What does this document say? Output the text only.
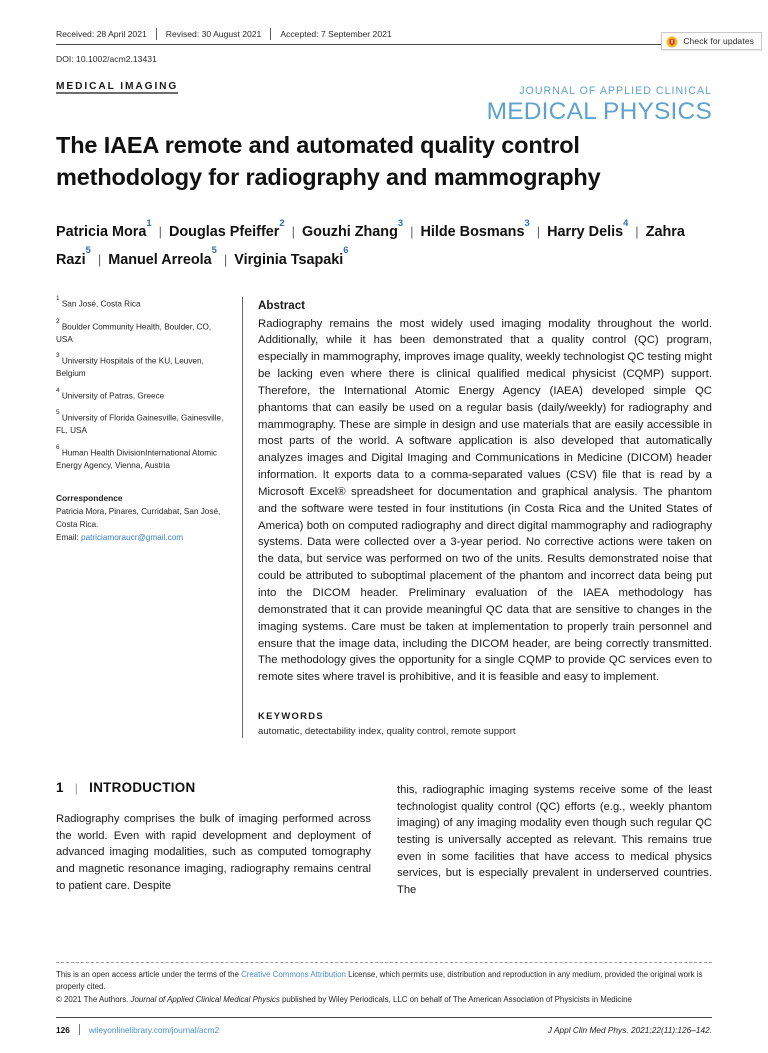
Check for updates
Received: 28 April 2021	Revised: 30 August 2021	Accepted: 7 September 2021
DOI: 10.1002/acm2.13431
JOURNAL OF APPLIED CLINICAL
MEDICAL PHYSICS
MEDICAL IMAGING
The IAEA remote and automated quality control methodology for radiography and mammography
Patricia Mora$^1$| Douglas Pfeiffer$^2$| Gouzhi Zhang$^3$| Hilde Bosmans$^3$| Harry Delis$^4$| Zahra Razi$^5$| Manuel Arreola$^5$| Virginia Tsapaki$^6$
$^1$ San José, Costa Rica
$^2$ Boulder Community Health, Boulder, CO, USA
$^3$ University Hospitals of the KU, Leuven, Belgium
$^4$ University of Patras, Greece
$^5$ University of Florida Gainesville, Gainesville, FL, USA
$^6$ Human Health DivisionInternational Atomic Energy Agency, Vienna, Austria
Correspondence
Patricia Mora, Pinares, Curridabat, San José, Costa Rica.
Email: patriciamoraucr@gmail.com
Abstract
Radiography remains the most widely used imaging modality throughout the world. Additionally, while it has been demonstrated that a quality control (QC) program, especially in mammography, improves image quality, weekly technologist QC testing might be lacking even where there is clinical qualified medical physicist (CQMP) support. Therefore, the International Atomic Energy Agency (IAEA) developed simple QC phantoms that can easily be used on a regular basis (daily/weekly) for radiography and mammography. These are simple in design and use materials that are easily accessible in most parts of the world. A software application is also developed that automatically analyzes images and Digital Imaging and Communications in Medicine (DICOM) header information. It exports data to a comma-separated values (CSV) file that is read by a Microsoft Excel® spreadsheet for documentation and graphical analysis. The phantom and the software were tested in four institutions (in Costa Rica and the United States of America) both on computed radiography and direct digital mammography and radiography systems. Data were collected over a 3-year period. No corrective actions were taken on the data, but service was performed on two of the units. Results demonstrated noise that could be attributed to suboptimal placement of the phantom and incorrect data being put into the DICOM header. Preliminary evaluation of the IAEA methodology has demonstrated that it can provide meaningful QC data that are sensitive to changes in the imaging systems. Care must be taken at implementation to properly train personnel and ensure that the image data, including the DICOM header, are being correctly transmitted. The methodology gives the opportunity for a single CQMP to provide QC services even to remote sites where travel is prohibitive, and it is feasible and easy to implement.
KEYWORDS
automatic, detectability index, quality control, remote support
1 | INTRODUCTION
Radiography comprises the bulk of imaging performed across the world. Even with rapid development and deployment of advanced imaging modalities, such as computed tomography and magnetic resonance imaging, radiography remains central to patient care. Despite
this, radiographic imaging systems receive some of the least technologist quality control (QC) efforts (e.g., weekly phantom imaging) of any imaging modality even though such regular QC testing is universally accepted as relevant. This remains true even in some facilities that have access to medical physics services, but is especially prevalent in underserved countries. The
This is an open access article under the terms of the Creative Commons Attribution License, which permits use, distribution and reproduction in any medium, provided the original work is properly cited.
© 2021 The Authors. Journal of Applied Clinical Medical Physics published by Wiley Periodicals, LLC on behalf of The American Association of Physicists in Medicine
126 wileyonlinelibrary.com/journal/acm2	J Appl Clin Med Phys. 2021;22(11):126–142.
